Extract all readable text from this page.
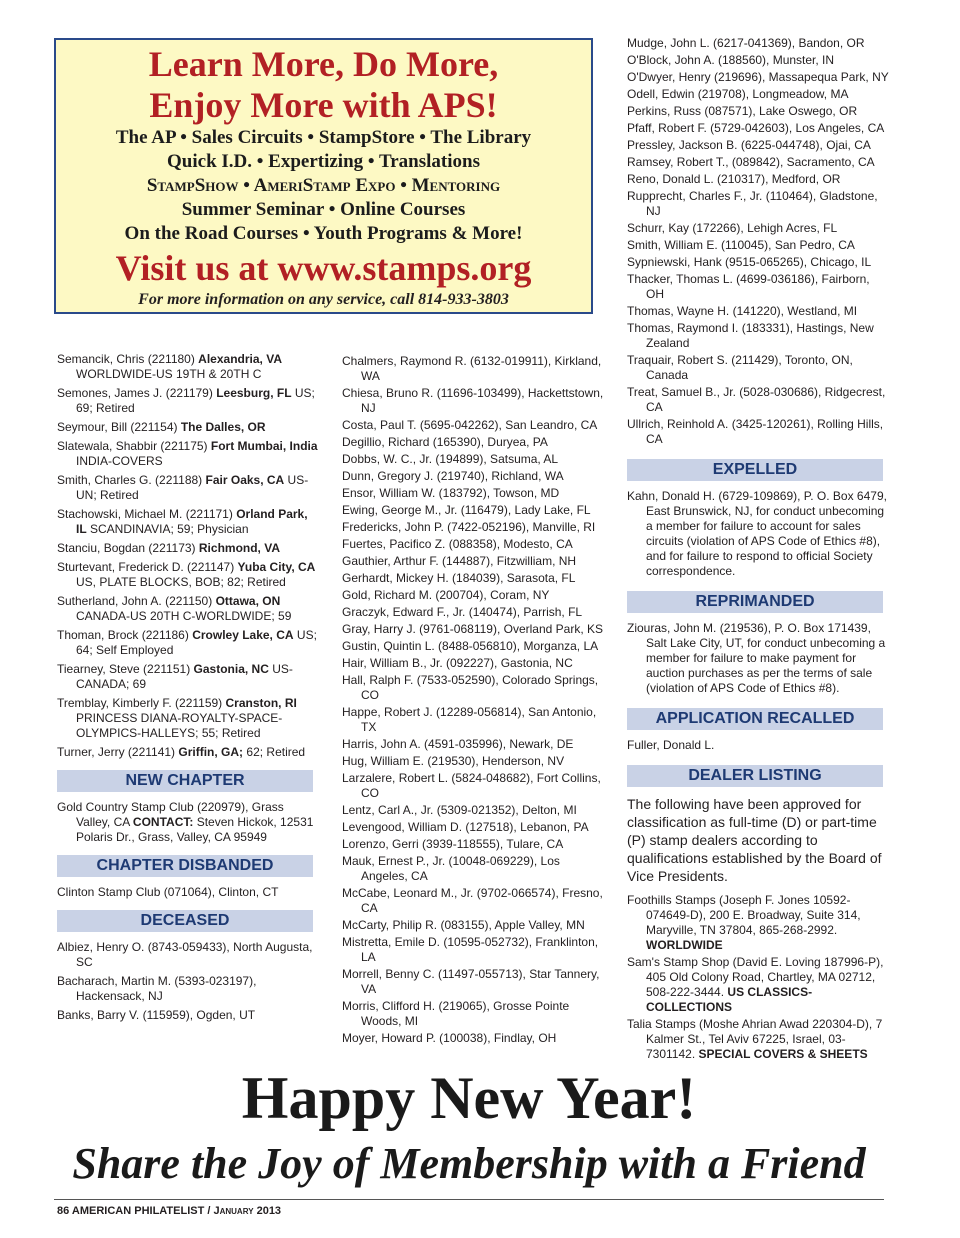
Learn More, Do More,
Enjoy More with APS!
The AP • Sales Circuits • StampStore • The Library
Quick I.D. • Expertizing • Translations
StampShow • AmeriStamp Expo • Mentoring
Summer Seminar • Online Courses
On the Road Courses • Youth Programs & More!
Visit us at www.stamps.org
For more information on any service, call 814-933-3803
Semancik, Chris (221180) Alexandria, VA WORLDWIDE-US 19TH & 20TH C
Semones, James J. (221179) Leesburg, FL US; 69; Retired
Seymour, Bill (221154) The Dalles, OR
Slatewala, Shabbir (221175) Fort Mumbai, India INDIA-COVERS
Smith, Charles G. (221188) Fair Oaks, CA US-UN; Retired
Stachowski, Michael M. (221171) Orland Park, IL SCANDINAVIA; 59; Physician
Stanciu, Bogdan (221173) Richmond, VA
Sturtevant, Frederick D. (221147) Yuba City, CA US, PLATE BLOCKS, BOB; 82; Retired
Sutherland, John A. (221150) Ottawa, ON CANADA-US 20TH C-WORLDWIDE; 59
Thoman, Brock (221186) Crowley Lake, CA US; 64; Self Employed
Tiearney, Steve (221151) Gastonia, NC US-CANADA; 69
Tremblay, Kimberly F. (221159) Cranston, RI PRINCESS DIANA-ROYALTY-SPACE-OLYMPICS-HALLEYS; 55; Retired
Turner, Jerry (221141) Griffin, GA; 62; Retired
NEW CHAPTER
Gold Country Stamp Club (220979), Grass Valley, CA CONTACT: Steven Hickok, 12531 Polaris Dr., Grass, Valley, CA 95949
CHAPTER DISBANDED
Clinton Stamp Club (071064), Clinton, CT
DECEASED
Albiez, Henry O. (8743-059433), North Augusta, SC
Bacharach, Martin M. (5393-023197), Hackensack, NJ
Banks, Barry V. (115959), Ogden, UT
Chalmers, Raymond R. (6132-019911), Kirkland, WA
Chiesa, Bruno R. (11696-103499), Hackettstown, NJ
Costa, Paul T. (5695-042262), San Leandro, CA
Degillio, Richard (165390), Duryea, PA
Dobbs, W. C., Jr. (194899), Satsuma, AL
Dunn, Gregory J. (219740), Richland, WA
Ensor, William W. (183792), Towson, MD
Ewing, George M., Jr. (116479), Lady Lake, FL
Fredericks, John P. (7422-052196), Manville, RI
Fuertes, Pacifico Z. (088358), Modesto, CA
Gauthier, Arthur F. (144887), Fitzwilliam, NH
Gerhardt, Mickey H. (184039), Sarasota, FL
Gold, Richard M. (200704), Coram, NY
Graczyk, Edward F., Jr. (140474), Parrish, FL
Gray, Harry J. (9761-068119), Overland Park, KS
Gustin, Quintin L. (8488-056810), Morganza, LA
Hair, William B., Jr. (092227), Gastonia, NC
Hall, Ralph F. (7533-052590), Colorado Springs, CO
Happe, Robert J. (12289-056814), San Antonio, TX
Harris, John A. (4591-035996), Newark, DE
Hug, William E. (219530), Henderson, NV
Larzalere, Robert L. (5824-048682), Fort Collins, CO
Lentz, Carl A., Jr. (5309-021352), Delton, MI
Levengood, William D. (127518), Lebanon, PA
Lorenzo, Gerri (3939-118555), Tulare, CA
Mauk, Ernest P., Jr. (10048-069229), Los Angeles, CA
McCabe, Leonard M., Jr. (9702-066574), Fresno, CA
McCarty, Philip R. (083155), Apple Valley, MN
Mistretta, Emile D. (10595-052732), Franklinton, LA
Morrell, Benny C. (11497-055713), Star Tannery, VA
Morris, Clifford H. (219065), Grosse Pointe Woods, MI
Moyer, Howard P. (100038), Findlay, OH
Mudge, John L. (6217-041369), Bandon, OR
O'Block, John A. (188560), Munster, IN
O'Dwyer, Henry (219696), Massapequa Park, NY
Odell, Edwin (219708), Longmeadow, MA
Perkins, Russ (087571), Lake Oswego, OR
Pfaff, Robert F. (5729-042603), Los Angeles, CA
Pressley, Jackson B. (6225-044748), Ojai, CA
Ramsey, Robert T., (089842), Sacramento, CA
Reno, Donald L. (210317), Medford, OR
Rupprecht, Charles F., Jr. (110464), Gladstone, NJ
Schurr, Kay (172266), Lehigh Acres, FL
Smith, William E. (110045), San Pedro, CA
Sypniewski, Hank (9515-065265), Chicago, IL
Thacker, Thomas L. (4699-036186), Fairborn, OH
Thomas, Wayne H. (141220), Westland, MI
Thomas, Raymond I. (183331), Hastings, New Zealand
Traquair, Robert S. (211429), Toronto, ON, Canada
Treat, Samuel B., Jr. (5028-030686), Ridgecrest, CA
Ullrich, Reinhold A. (3425-120261), Rolling Hills, CA
EXPELLED
Kahn, Donald H. (6729-109869), P. O. Box 6479, East Brunswick, NJ, for conduct unbecoming a member for failure to account for sales circuits (violation of APS Code of Ethics #8), and for failure to respond to official Society correspondence.
REPRIMANDED
Ziouras, John M. (219536), P. O. Box 171439, Salt Lake City, UT, for conduct unbecoming a member for failure to make payment for auction purchases as per the terms of sale (violation of APS Code of Ethics #8).
APPLICATION RECALLED
Fuller, Donald L.
DEALER LISTING
The following have been approved for classification as full-time (D) or part-time (P) stamp dealers according to qualifications established by the Board of Vice Presidents.
Foothills Stamps (Joseph F. Jones 10592-074649-D), 200 E. Broadway, Suite 314, Maryville, TN 37804, 865-268-2992. WORLDWIDE
Sam's Stamp Shop (David E. Loving 187996-P), 405 Old Colony Road, Chartley, MA 02712, 508-222-3444. US CLASSICS-COLLECTIONS
Talia Stamps (Moshe Ahrian Awad 220304-D), 7 Kalmer St., Tel Aviv 67225, Israel, 03-7301142. SPECIAL COVERS & SHEETS
Happy New Year!
Share the Joy of Membership with a Friend
86 AMERICAN PHILATELIST / January 2013
